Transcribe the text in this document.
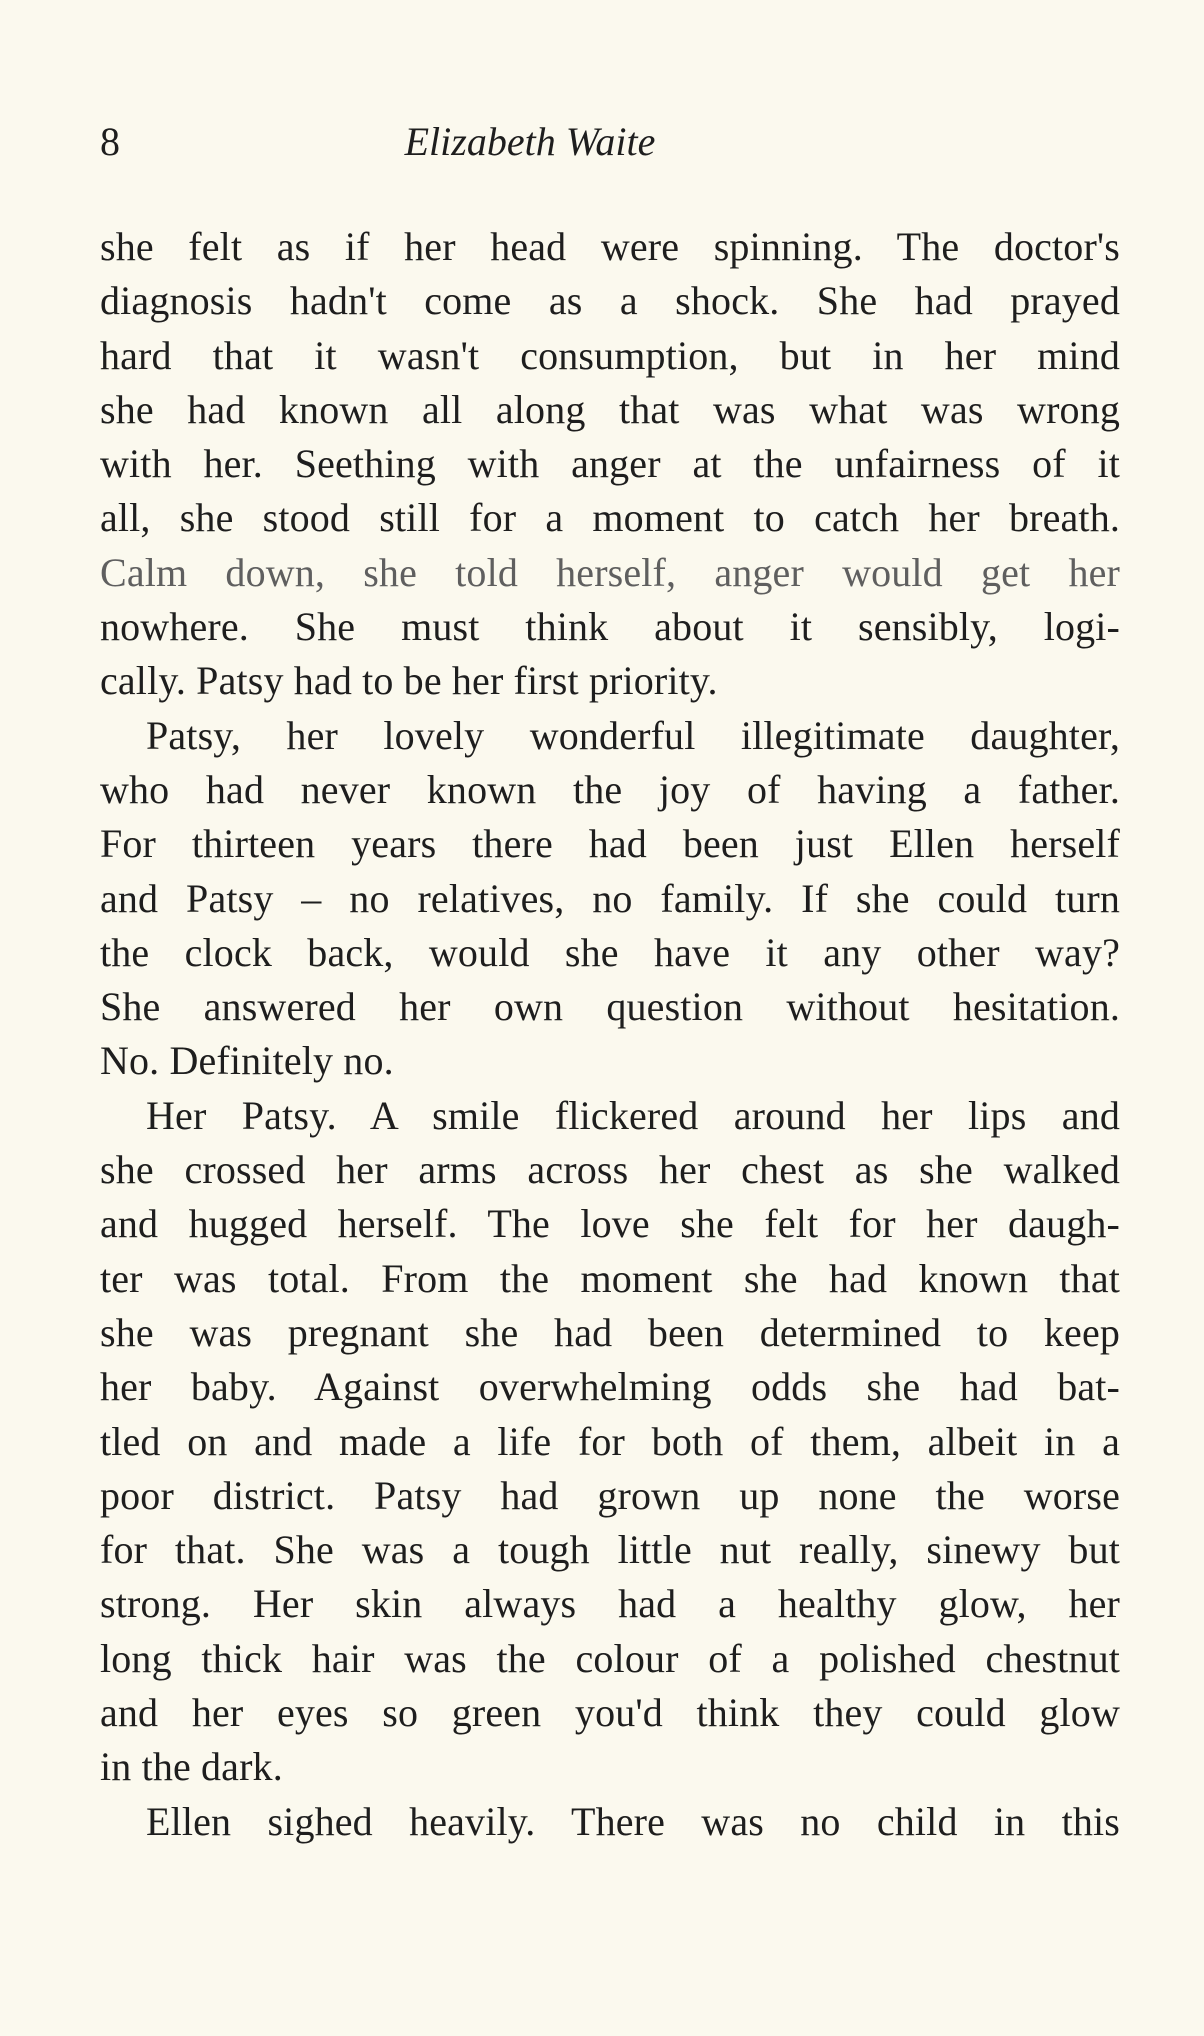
8	Elizabeth Waite
she felt as if her head were spinning. The doctor's
diagnosis hadn't come as a shock. She had prayed
hard that it wasn't consumption, but in her mind
she had known all along that was what was wrong
with her. Seething with anger at the unfairness of it
all, she stood still for a moment to catch her breath.
Calm down, she told herself, anger would get her
nowhere. She must think about it sensibly, logi-
cally. Patsy had to be her first priority.
Patsy, her lovely wonderful illegitimate daughter,
who had never known the joy of having a father.
For thirteen years there had been just Ellen herself
and Patsy – no relatives, no family. If she could turn
the clock back, would she have it any other way?
She answered her own question without hesitation.
No. Definitely no.
Her Patsy. A smile flickered around her lips and
she crossed her arms across her chest as she walked
and hugged herself. The love she felt for her daugh-
ter was total. From the moment she had known that
she was pregnant she had been determined to keep
her baby. Against overwhelming odds she had bat-
tled on and made a life for both of them, albeit in a
poor district. Patsy had grown up none the worse
for that. She was a tough little nut really, sinewy but
strong. Her skin always had a healthy glow, her
long thick hair was the colour of a polished chestnut
and her eyes so green you'd think they could glow
in the dark.
Ellen sighed heavily. There was no child in this
